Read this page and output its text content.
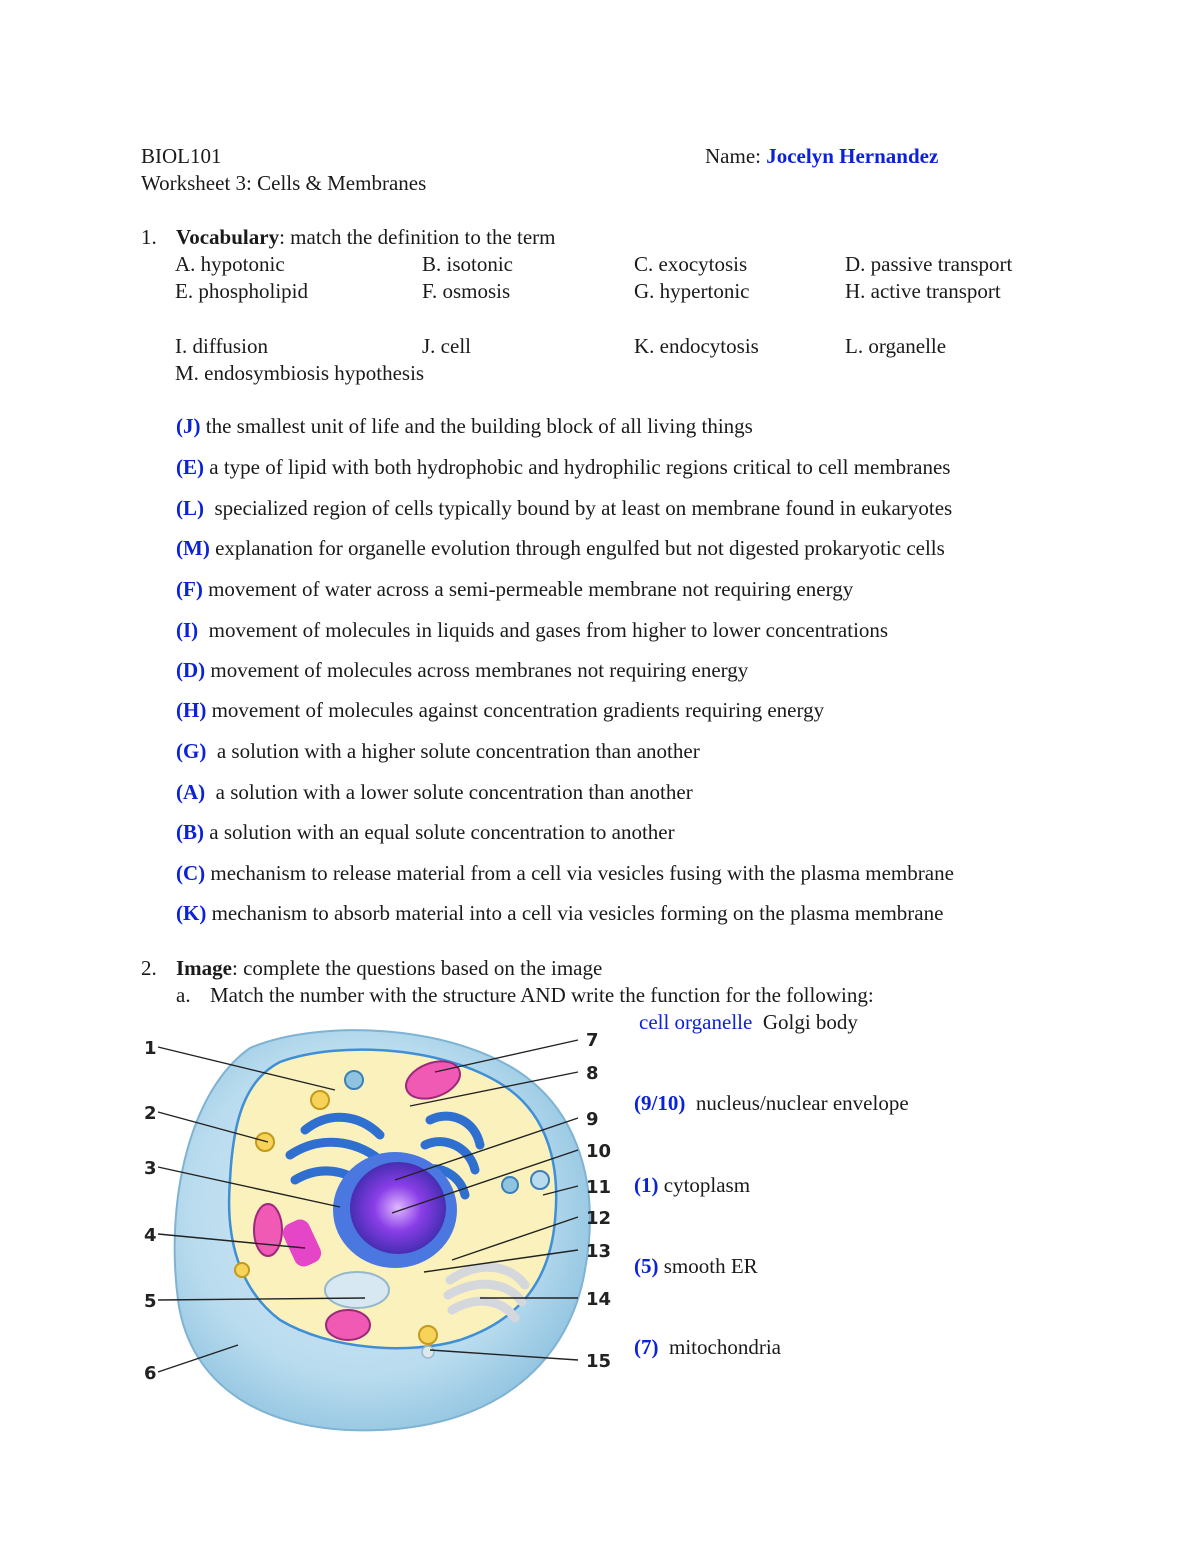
BIOL101	Name: Jocelyn Hernandez
Worksheet 3: Cells & Membranes
1. Vocabulary: match the definition to the term
A. hypotonic	B. isotonic	C. exocytosis	D. passive transport
E. phospholipid	F. osmosis	G. hypertonic	H. active transport
I. diffusion	J. cell	K. endocytosis	L. organelle
M. endosymbiosis hypothesis
(J) the smallest unit of life and the building block of all living things
(E) a type of lipid with both hydrophobic and hydrophilic regions critical to cell membranes
(L)  specialized region of cells typically bound by at least on membrane found in eukaryotes
(M) explanation for organelle evolution through engulfed but not digested prokaryotic cells
(F) movement of water across a semi-permeable membrane not requiring energy
(I)  movement of molecules in liquids and gases from higher to lower concentrations
(D) movement of molecules across membranes not requiring energy
(H) movement of molecules against concentration gradients requiring energy
(G)  a solution with a higher solute concentration than another
(A)  a solution with a lower solute concentration than another
(B) a solution with an equal solute concentration to another
(C) mechanism to release material from a cell via vesicles fusing with the plasma membrane
(K) mechanism to absorb material into a cell via vesicles forming on the plasma membrane
2. Image: complete the questions based on the image
a. Match the number with the structure AND write the function for the following:
cell organelle  Golgi body
(9/10)  nucleus/nuclear envelope
(1) cytoplasm
(5) smooth ER
(7)  mitochondria
1
2
3
4
5
6
7
8
9
10
11
12
13
14
15
